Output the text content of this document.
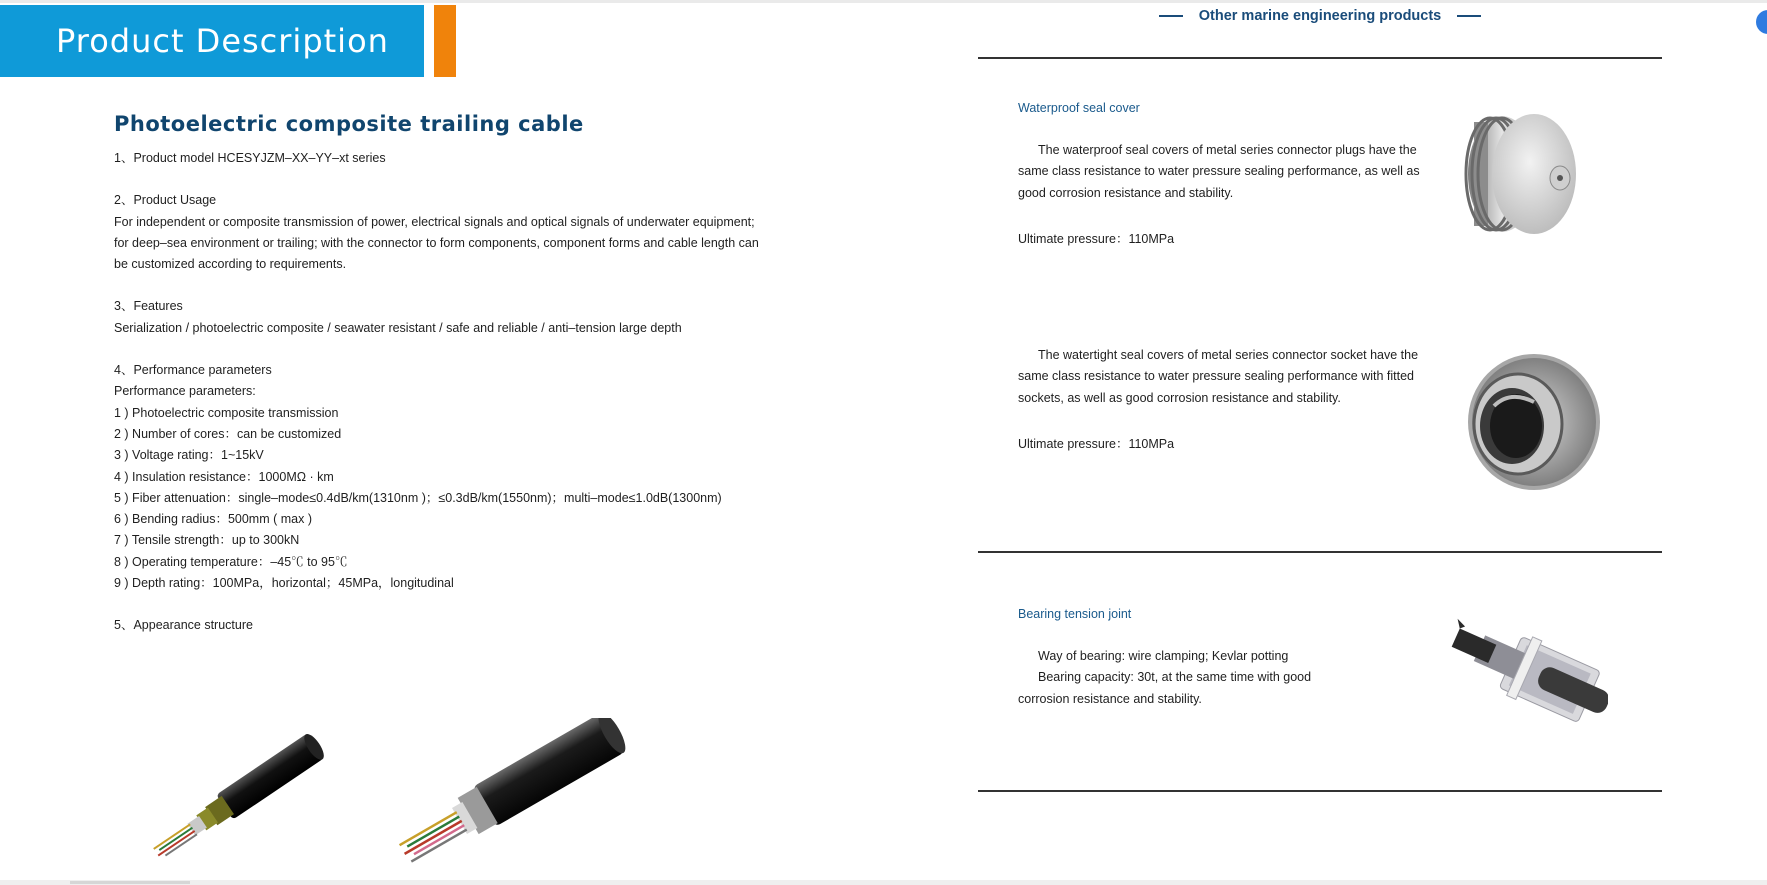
Product Description
Photoelectric composite trailing cable
1、Product model HCESYJZM–XX–YY–xt series
2、Product Usage
For independent or composite transmission of power, electrical signals and optical signals of underwater equipment;
for deep–sea environment or trailing; with the connector to form components, component forms and cable length can
be customized according to requirements.
3、Features
Serialization / photoelectric composite / seawater resistant / safe and reliable / anti–tension large depth
4、Performance parameters
Performance parameters:
1 ) Photoelectric composite transmission
2 ) Number of cores：can be customized
3 ) Voltage rating：1~15kV
4 ) Insulation resistance：1000MΩ · km
5 ) Fiber attenuation：single–mode≤0.4dB/km(1310nm )；≤0.3dB/km(1550nm)；multi–mode≤1.0dB(1300nm)
6 ) Bending radius：500mm ( max )
7 ) Tensile strength：up to 300kN
8 ) Operating temperature：–45℃ to 95℃
9 ) Depth rating：100MPa，horizontal；45MPa，longitudinal
5、Appearance structure
Other marine engineering products
Waterproof seal cover

The waterproof seal covers of metal series connector plugs have the same class resistance to water pressure sealing performance, as well as good corrosion resistance and stability.

Ultimate pressure：110MPa

The watertight seal covers of metal series connector socket have the same class resistance to water pressure sealing performance with fitted sockets, as well as good corrosion resistance and stability.

Ultimate pressure：110MPa
Bearing tension joint

Way of bearing: wire clamping; Kevlar potting

Bearing capacity: 30t, at the same time with good corrosion resistance and stability.
